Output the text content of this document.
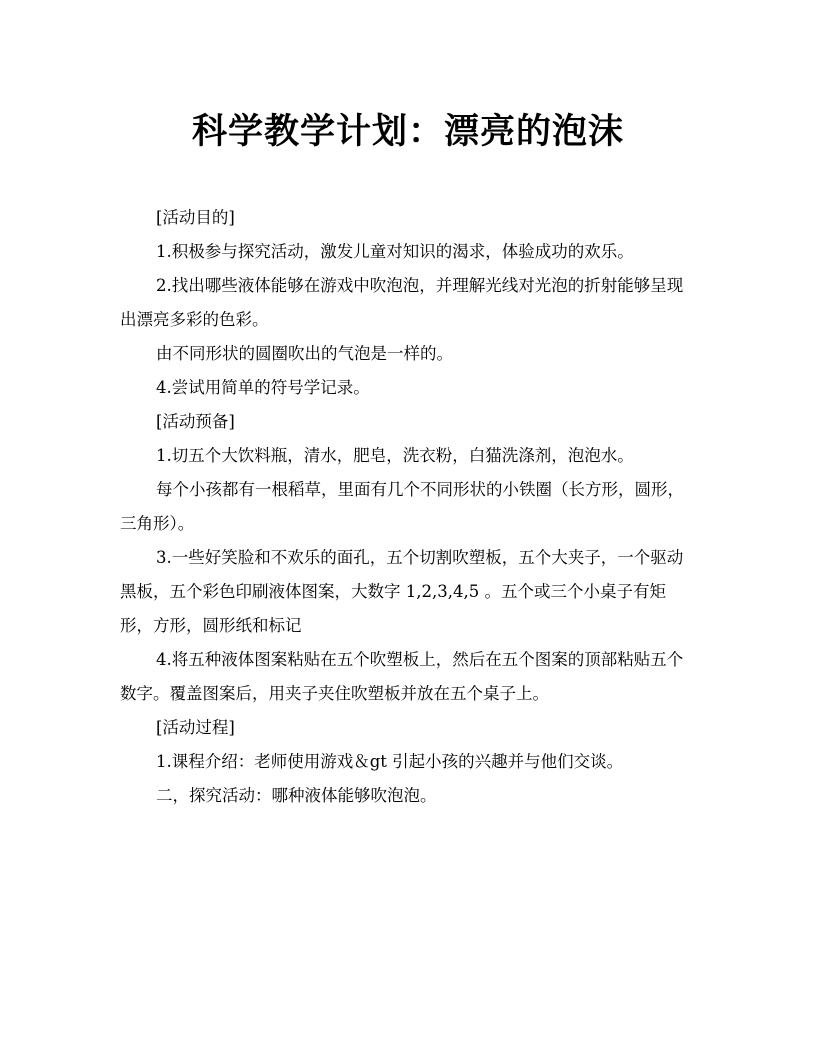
科学教学计划：漂亮的泡沫

[活动目的]

1.积极参与探究活动，激发儿童对知识的渴求，体验成功的欢乐。

2.找出哪些液体能够在游戏中吹泡泡，并理解光线对光泡的折射能够呈现出漂亮多彩的色彩。

由不同形状的圆圈吹出的气泡是一样的。

4.尝试用简单的符号学记录。

[活动预备]

1.切五个大饮料瓶，清水，肥皂，洗衣粉，白猫洗涤剂，泡泡水。

每个小孩都有一根稻草，里面有几个不同形状的小铁圈（长方形，圆形，三角形）。

3.一些好笑脸和不欢乐的面孔，五个切割吹塑板，五个大夹子，一个驱动黑板，五个彩色印刷液体图案，大数字 1,2,3,4,5 。五个或三个小桌子有矩形，方形，圆形纸和标记

4.将五种液体图案粘贴在五个吹塑板上，然后在五个图案的顶部粘贴五个数字。覆盖图案后，用夹子夹住吹塑板并放在五个桌子上。

[活动过程]

1.课程介绍：老师使用游戏＆gt 引起小孩的兴趣并与他们交谈。

二，探究活动：哪种液体能够吹泡泡。
